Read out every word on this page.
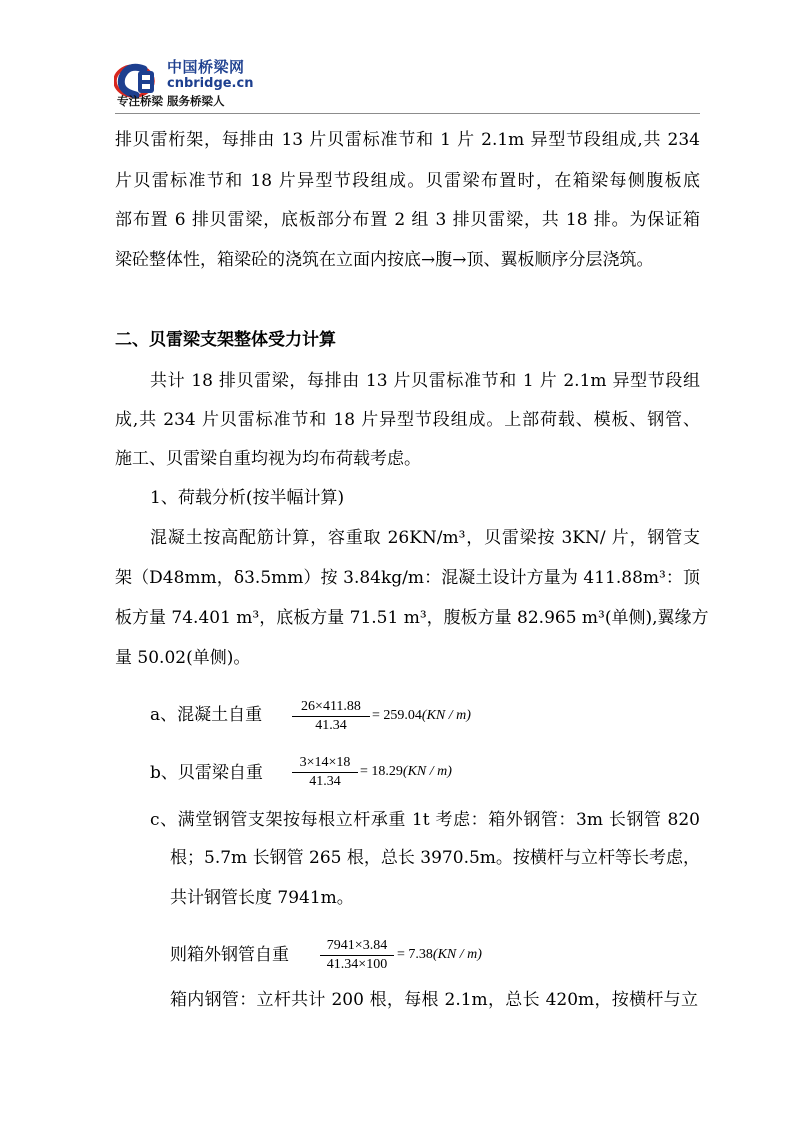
中国桥梁网
cnbridge.cn
专注桥梁 服务桥梁人
排贝雷桁架，每排由 13 片贝雷标准节和 1 片 2.1m 异型节段组成,共 234
片贝雷标准节和 18 片异型节段组成。贝雷梁布置时，在箱梁每侧腹板底
部布置 6 排贝雷梁，底板部分布置 2 组 3 排贝雷梁，共 18 排。为保证箱
梁砼整体性，箱梁砼的浇筑在立面内按底→腹→顶、翼板顺序分层浇筑。
二、贝雷梁支架整体受力计算
共计 18 排贝雷梁，每排由 13 片贝雷标准节和 1 片 2.1m 异型节段组
成,共 234 片贝雷标准节和 18 片异型节段组成。上部荷载、模板、钢管、
施工、贝雷梁自重均视为均布荷载考虑。
1、荷载分析(按半幅计算)
混凝土按高配筋计算，容重取 26KN/m³，贝雷梁按 3KN/ 片，钢管支
架（D48mm，δ3.5mm）按 3.84kg/m：混凝土设计方量为 411.88m³：顶
板方量 74.401 m³，底板方量 71.51 m³，腹板方量 82.965 m³(单侧),翼缘方
量 50.02(单侧)。
a、混凝土自重	26×411.88
41.34
= 259.04(KN / m)
b、贝雷梁自重
3×14×18
41.34
= 18.29(KN / m)
c、满堂钢管支架按每根立杆承重 1t 考虑：箱外钢管：3m 长钢管 820
根；5.7m 长钢管 265 根，总长 3970.5m。按横杆与立杆等长考虑，
共计钢管长度 7941m。
则箱外钢管自重	7941×3.84
41.34×100
= 7.38(KN / m)
箱内钢管：立杆共计 200 根，每根 2.1m，总长 420m，按横杆与立
